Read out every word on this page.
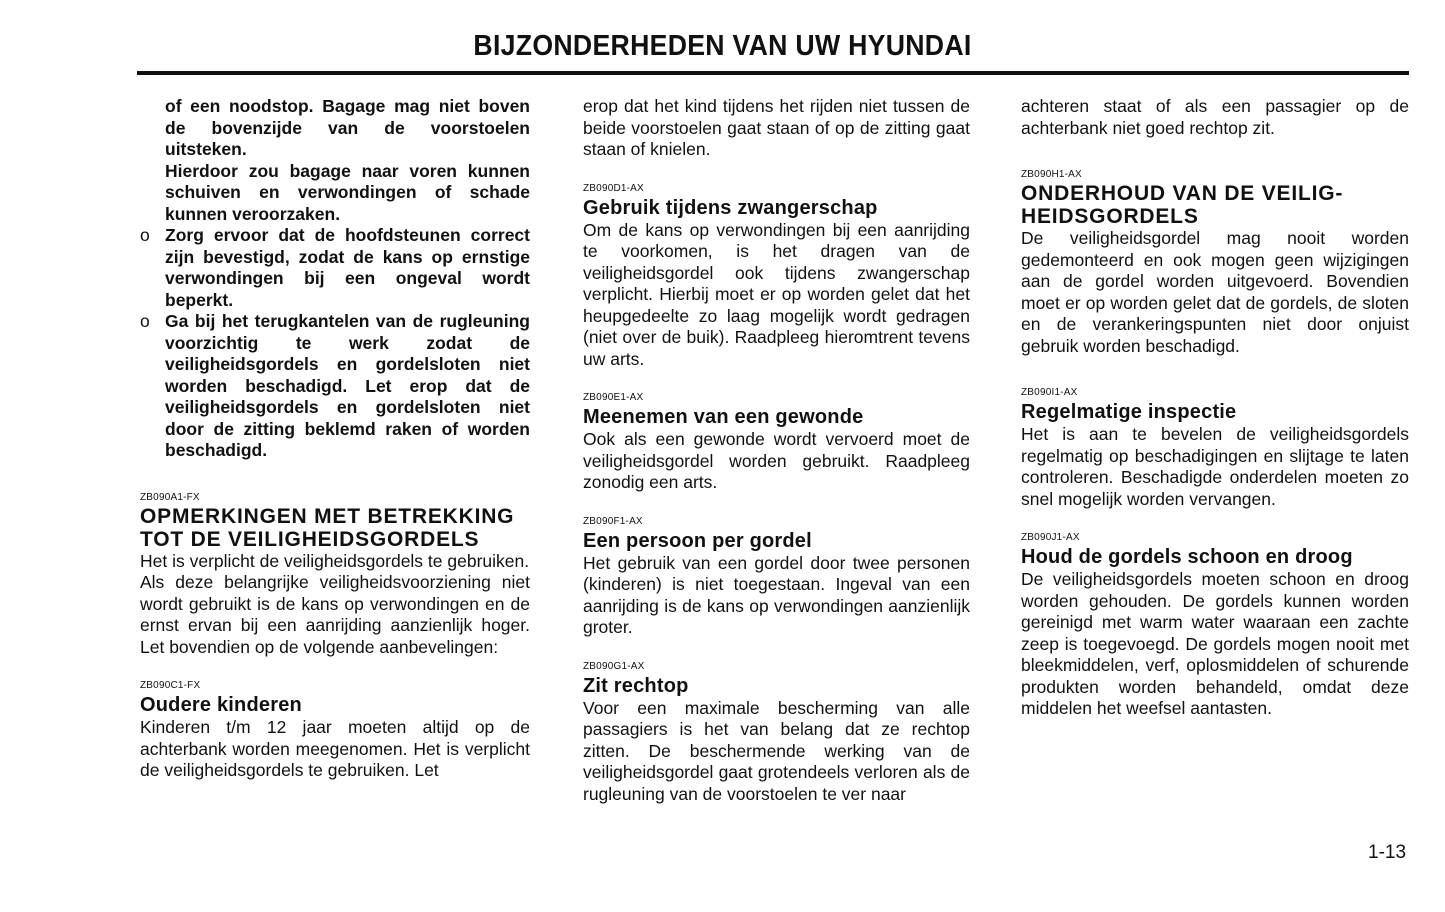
BIJZONDERHEDEN VAN UW HYUNDAI

of een noodstop. Bagage mag niet boven de bovenzijde van de voorstoelen uitsteken.

Hierdoor zou bagage naar voren kunnen schuiven en verwondingen of schade kunnen veroorzaken.

o Zorg ervoor dat de hoofdsteunen correct zijn bevestigd, zodat de kans op ernstige verwondingen bij een ongeval wordt beperkt.

o Ga bij het terugkantelen van de rugleuning voorzichtig te werk zodat de veiligheidsgordels en gordelsloten niet worden beschadigd. Let erop dat de veiligheidsgordels en gordelsloten niet door de zitting beklemd raken of worden beschadigd.

ZB090A1-FX
OPMERKINGEN MET BETREKKING TOT DE VEILIGHEIDSGORDELS

Het is verplicht de veiligheidsgordels te gebruiken.

Als deze belangrijke veiligheidsvoorziening niet wordt gebruikt is de kans op verwondingen en de ernst ervan bij een aanrijding aanzienlijk hoger. Let bovendien op de volgende aanbevelingen:

ZB090C1-FX
Oudere kinderen

Kinderen t/m 12 jaar moeten altijd op de achterbank worden meegenomen. Het is verplicht de veiligheidsgordels te gebruiken. Let

erop dat het kind tijdens het rijden niet tussen de beide voorstoelen gaat staan of op de zitting gaat staan of knielen.

ZB090D1-AX
Gebruik tijdens zwangerschap

Om de kans op verwondingen bij een aanrijding te voorkomen, is het dragen van de veiligheidsgordel ook tijdens zwangerschap verplicht. Hierbij moet er op worden gelet dat het heupgedeelte zo laag mogelijk wordt gedragen (niet over de buik). Raadpleeg hieromtrent tevens uw arts.

ZB090E1-AX
Meenemen van een gewonde

Ook als een gewonde wordt vervoerd moet de veiligheidsgordel worden gebruikt. Raadpleeg zonodig een arts.

ZB090F1-AX
Een persoon per gordel

Het gebruik van een gordel door twee personen (kinderen) is niet toegestaan. Ingeval van een aanrijding is de kans op verwondingen aanzienlijk groter.

ZB090G1-AX
Zit rechtop

Voor een maximale bescherming van alle passagiers is het van belang dat ze rechtop zitten. De beschermende werking van de veiligheidsgordel gaat grotendeels verloren als de rugleuning van de voorstoelen te ver naar

achteren staat of als een passagier op de achterbank niet goed rechtop zit.

ZB090H1-AX
ONDERHOUD VAN DE VEILIG- HEIDSGORDELS

De veiligheidsgordel mag nooit worden gedemonteerd en ook mogen geen wijzigingen aan de gordel worden uitgevoerd. Bovendien moet er op worden gelet dat de gordels, de sloten en de verankeringspunten niet door onjuist gebruik worden beschadigd.

ZB090I1-AX
Regelmatige inspectie

Het is aan te bevelen de veiligheidsgordels regelmatig op beschadigingen en slijtage te laten controleren. Beschadigde onderdelen moeten zo snel mogelijk worden vervangen.

ZB090J1-AX
Houd de gordels schoon en droog

De veiligheidsgordels moeten schoon en droog worden gehouden. De gordels kunnen worden gereinigd met warm water waaraan een zachte zeep is toegevoegd. De gordels mogen nooit met bleekmiddelen, verf, oplosmiddelen of schurende produkten worden behandeld, omdat deze middelen het weefsel aantasten.

1-13
